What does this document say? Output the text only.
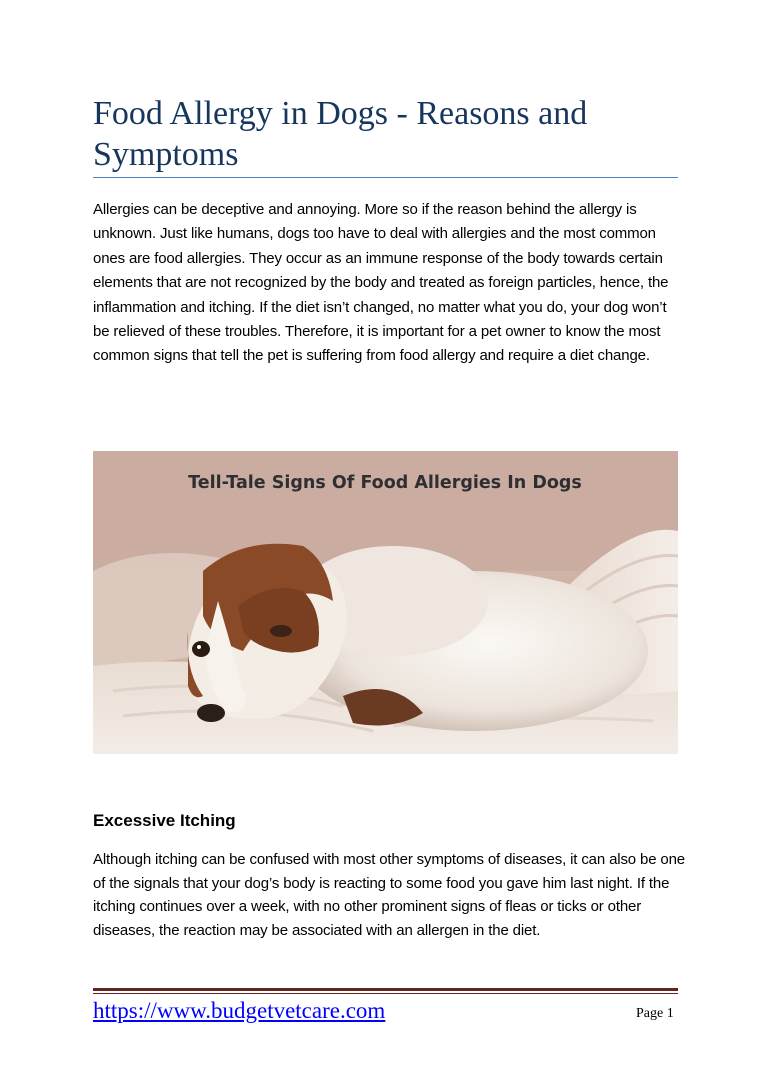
Food Allergy in Dogs - Reasons and Symptoms

Allergies can be deceptive and annoying. More so if the reason behind the allergy is unknown. Just like humans, dogs too have to deal with allergies and the most common ones are food allergies. They occur as an immune response of the body towards certain elements that are not recognized by the body and treated as foreign particles, hence, the inflammation and itching. If the diet isn’t changed, no matter what you do, your dog won’t be relieved of these troubles. Therefore, it is important for a pet owner to know the most common signs that tell the pet is suffering from food allergy and require a diet change.

Tell-Tale Signs Of Food Allergies In Dogs
Excessive Itching

Although itching can be confused with most other symptoms of diseases, it can also be one of the signals that your dog’s body is reacting to some food you gave him last night. If the itching continues over a week, with no other prominent signs of fleas or ticks or other diseases, the reaction may be associated with an allergen in the diet.

https://www.budgetvetcare.com	Page 1
